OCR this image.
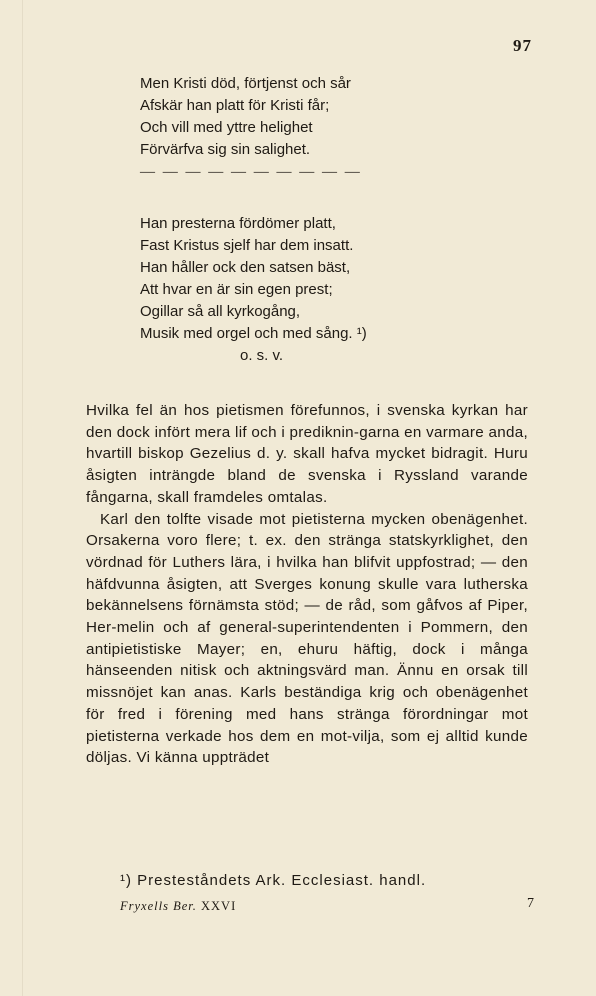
97
Men Kristi död, förtjenst och sår
Afskär han platt för Kristi får;
Och vill med yttre helighet
Förvärfva sig sin salighet.
— — — — — — — — — —
Han presterna fördömer platt,
Fast Kristus sjelf har dem insatt.
Han håller ock den satsen bäst,
Att hvar en är sin egen prest;
Ogillar så all kyrkogång,
Musik med orgel och med sång. ¹)
o. s. v.

Hvilka fel än hos pietismen förefunnos, i svenska kyrkan har den dock infört mera lif och i prediknin-garna en varmare anda, hvartill biskop Gezelius d. y. skall hafva mycket bidragit. Huru åsigten inträngde bland de svenska i Ryssland varande fångarna, skall framdeles omtalas.

Karl den tolfte visade mot pietisterna mycken obenägenhet. Orsakerna voro flere; t. ex. den stränga statskyrklighet, den vördnad för Luthers lära, i hvilka han blifvit uppfostrad; — den häfdvunna åsigten, att Sverges konung skulle vara lutherska bekännelsens förnämsta stöd; — de råd, som gåfvos af Piper, Her-melin och af general-superintendenten i Pommern, den antipietistiske Mayer; en, ehuru häftig, dock i många hänseenden nitisk och aktningsvärd man. Ännu en orsak till missnöjet kan anas. Karls beständiga krig och obenägenhet för fred i förening med hans stränga förordningar mot pietisterna verkade hos dem en mot-vilja, som ej alltid kunde döljas. Vi känna uppträdet

¹) Presteståndets Ark. Ecclesiast. handl.
Fryxells Ber. XXVI	7
